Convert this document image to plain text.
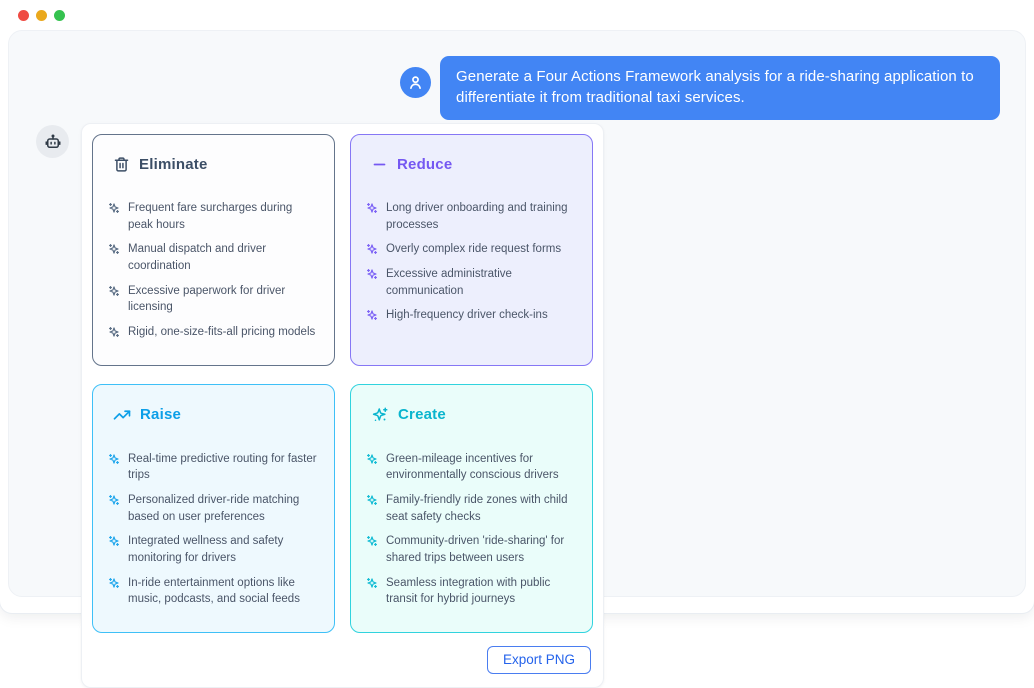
Generate a Four Actions Framework analysis for a ride-sharing application to differentiate it from traditional taxi services.
Eliminate
Frequent fare surcharges during peak hours
Manual dispatch and driver coordination
Excessive paperwork for driver licensing
Rigid, one-size-fits-all pricing models
Reduce
Long driver onboarding and training processes
Overly complex ride request forms
Excessive administrative communication
High-frequency driver check-ins
Raise
Real-time predictive routing for faster trips
Personalized driver-ride matching based on user preferences
Integrated wellness and safety monitoring for drivers
In-ride entertainment options like music, podcasts, and social feeds
Create
Green-mileage incentives for environmentally conscious drivers
Family-friendly ride zones with child seat safety checks
Community-driven 'ride-sharing' for shared trips between users
Seamless integration with public transit for hybrid journeys
Export PNG
